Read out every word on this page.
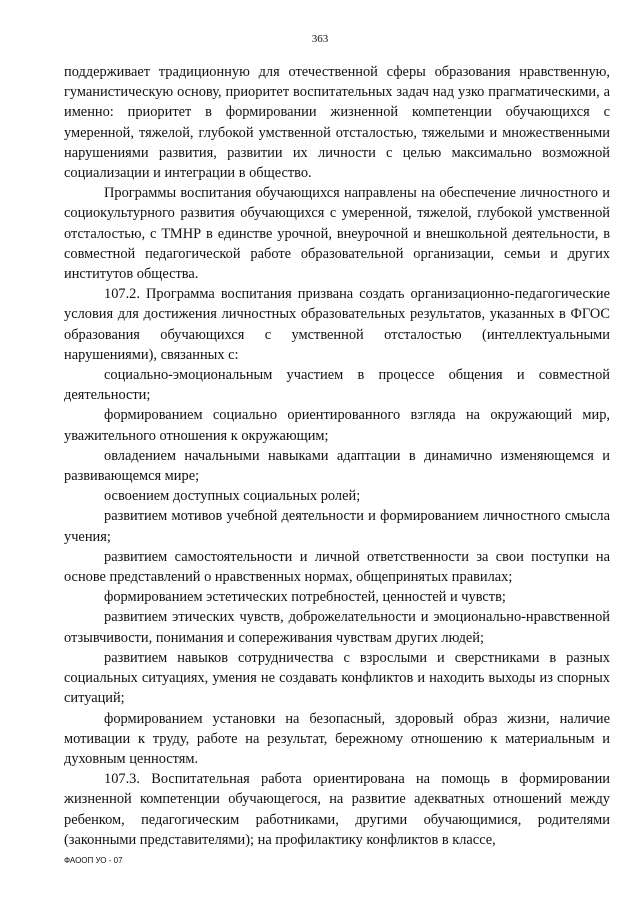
363

поддерживает традиционную для отечественной сферы образования нравственную, гуманистическую основу, приоритет воспитательных задач над узко прагматическими, а именно: приоритет в формировании жизненной компетенции обучающихся с умеренной, тяжелой, глубокой умственной отсталостью, тяжелыми и множественными нарушениями развития, развитии их личности с целью максимально возможной социализации и интеграции в общество.

Программы воспитания обучающихся направлены на обеспечение личностного и социокультурного развития обучающихся с умеренной, тяжелой, глубокой умственной отсталостью, с ТМНР в единстве урочной, внеурочной и внешкольной деятельности, в совместной педагогической работе образовательной организации, семьи и других институтов общества.

107.2. Программа воспитания призвана создать организационно-педагогические условия для достижения личностных образовательных результатов, указанных в ФГОС образования обучающихся с умственной отсталостью (интеллектуальными нарушениями), связанных с:

социально-эмоциональным участием в процессе общения и совместной деятельности;

формированием социально ориентированного взгляда на окружающий мир, уважительного отношения к окружающим;

овладением начальными навыками адаптации в динамично изменяющемся и развивающемся мире;

освоением доступных социальных ролей;

развитием мотивов учебной деятельности и формированием личностного смысла учения;

развитием самостоятельности и личной ответственности за свои поступки на основе представлений о нравственных нормах, общепринятых правилах;

формированием эстетических потребностей, ценностей и чувств;

развитием этических чувств, доброжелательности и эмоционально-нравственной отзывчивости, понимания и сопереживания чувствам других людей;

развитием навыков сотрудничества с взрослыми и сверстниками в разных социальных ситуациях, умения не создавать конфликтов и находить выходы из спорных ситуаций;

формированием установки на безопасный, здоровый образ жизни, наличие мотивации к труду, работе на результат, бережному отношению к материальным и духовным ценностям.

107.3. Воспитательная работа ориентирована на помощь в формировании жизненной компетенции обучающегося, на развитие адекватных отношений между ребенком, педагогическим работниками, другими обучающимися, родителями (законными представителями); на профилактику конфликтов в классе,

ФАООП УО - 07
